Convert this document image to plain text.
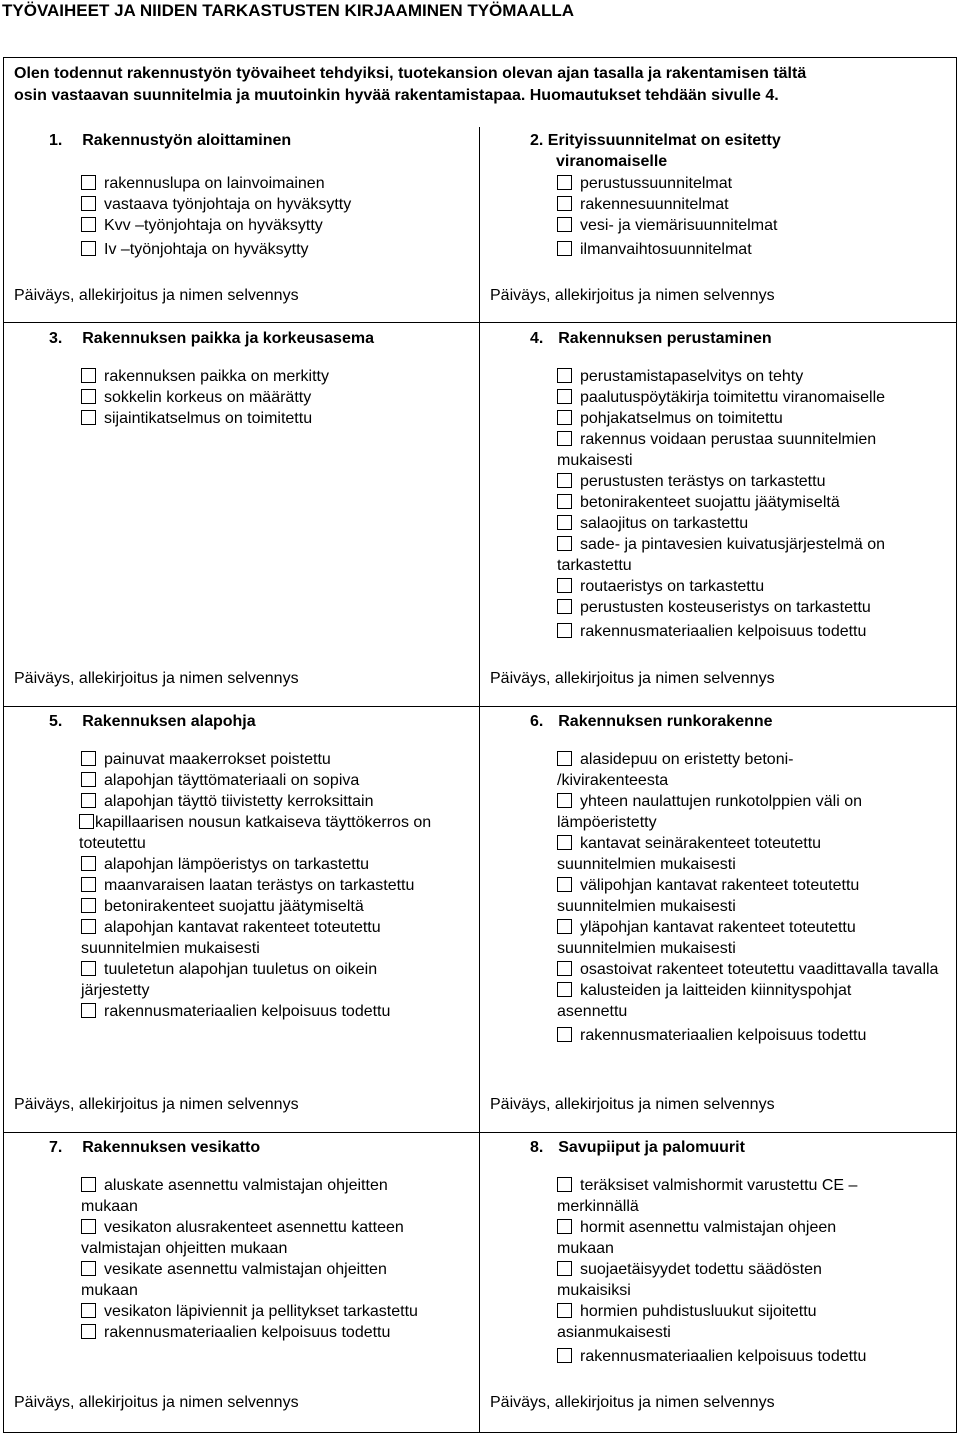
TYÖVAIHEET JA NIIDEN TARKASTUSTEN KIRJAAMINEN TYÖMAALLA
Olen todennut rakennustyön työvaiheet tehdyiksi, tuotekansion olevan ajan tasalla ja rakentamisen tältä
osin vastaavan suunnitelmia ja muutoinkin hyvää rakentamistapaa. Huomautukset tehdään sivulle 4.
1. Rakennustyön aloittaminen
rakennuslupa on lainvoimainen
vastaava työnjohtaja on hyväksytty
Kvv –työnjohtaja on hyväksytty
Iv –työnjohtaja on hyväksytty
Päiväys, allekirjoitus ja nimen selvennys
2. Erityissuunnitelmat on esitetty
viranomaiselle
perustussuunnitelmat
rakennesuunnitelmat
vesi- ja viemärisuunnitelmat
ilmanvaihtosuunnitelmat
Päiväys, allekirjoitus ja nimen selvennys
3. Rakennuksen paikka ja korkeusasema
rakennuksen paikka on merkitty
sokkelin korkeus on määrätty
sijaintikatselmus on toimitettu
Päiväys, allekirjoitus ja nimen selvennys
4. Rakennuksen perustaminen
perustamistapaselvitys on tehty
paalutuspöytäkirja toimitettu viranomaiselle
pohjakatselmus on toimitettu
rakennus voidaan perustaa suunnitelmien mukaisesti
perustusten terästys on tarkastettu
betonirakenteet suojattu jäätymiseltä
salaojitus on tarkastettu
sade- ja pintavesien kuivatusjärjestelmä on tarkastettu
routaeristys on tarkastettu
perustusten kosteuseristys on tarkastettu
rakennusmateriaalien kelpoisuus todettu
Päiväys, allekirjoitus ja nimen selvennys
5. Rakennuksen alapohja
painuvat maakerrokset poistettu
alapohjan täyttömateriaali on sopiva
alapohjan täyttö tiivistetty kerroksittain
kapillaarisen nousun katkaiseva täyttökerros on toteutettu
alapohjan lämpöeristys on tarkastettu
maanvaraisen laatan terästys on tarkastettu
betonirakenteet suojattu jäätymiseltä
alapohjan kantavat rakenteet toteutettu suunnitelmien mukaisesti
tuuletetun alapohjan tuuletus on oikein järjestetty
rakennusmateriaalien kelpoisuus todettu
Päiväys, allekirjoitus ja nimen selvennys
6. Rakennuksen runkorakenne
alasidepuu on eristetty betoni- /kivirakenteesta
yhteen naulattujen runkotolppien väli on lämpöeristetty
kantavat seinärakenteet toteutettu suunnitelmien mukaisesti
välipohjan kantavat rakenteet toteutettu suunnitelmien mukaisesti
yläpohjan kantavat rakenteet toteutettu suunnitelmien mukaisesti
osastoivat rakenteet toteutettu vaadittavalla tavalla
kalusteiden ja laitteiden kiinnityspohjat asennettu
rakennusmateriaalien kelpoisuus todettu
Päiväys, allekirjoitus ja nimen selvennys
7. Rakennuksen vesikatto
aluskate asennettu valmistajan ohjeitten mukaan
vesikaton alusrakenteet asennettu katteen valmistajan ohjeitten mukaan
vesikate asennettu valmistajan ohjeitten mukaan
vesikaton läpiviennit ja pellitykset tarkastettu
rakennusmateriaalien kelpoisuus todettu
Päiväys, allekirjoitus ja nimen selvennys
8. Savupiiput ja palomuurit
teräksiset valmishormit varustettu CE –merkinnällä
hormit asennettu valmistajan ohjeen mukaan
suojaetäisyydet todettu säädösten mukaisiksi
hormien puhdistusluukut sijoitettu asianmukaisesti
rakennusmateriaalien kelpoisuus todettu
Päiväys, allekirjoitus ja nimen selvennys
